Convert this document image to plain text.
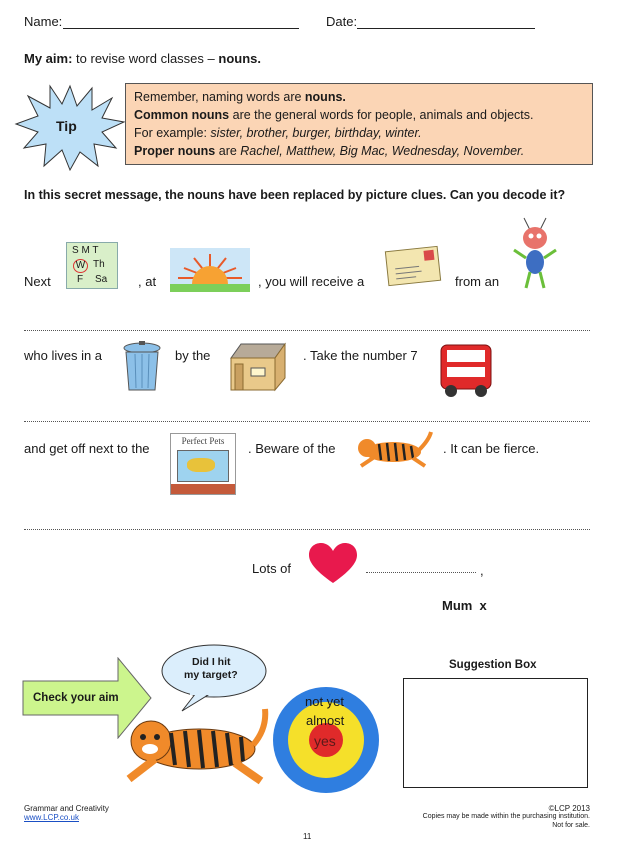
Name:	Date:
My aim: to revise word classes – nouns.
Tip
Remember, naming words are nouns.
Common nouns are the general words for people, animals and objects.
For example: sister, brother, burger, birthday, winter.
Proper nouns are Rachel, Matthew, Big Mac, Wednesday, November.
In this secret message, the nouns have been replaced by picture clues. Can you decode it?
Next
S M T
W Th
F Sa , at	, you will receive a	from an
who lives in a	by the	. Take the number 7
and get off next to the	Perfect Pets	. Beware of the	. It can be fierce.
Lots of	,
Mum  x
Check your aim
Did I hit
my target?
not yet
almost
yes
Suggestion Box
Grammar and Creativity
www.LCP.co.uk
©LCP 2013
Copies may be made within the purchasing institution.
Not for sale.
11
